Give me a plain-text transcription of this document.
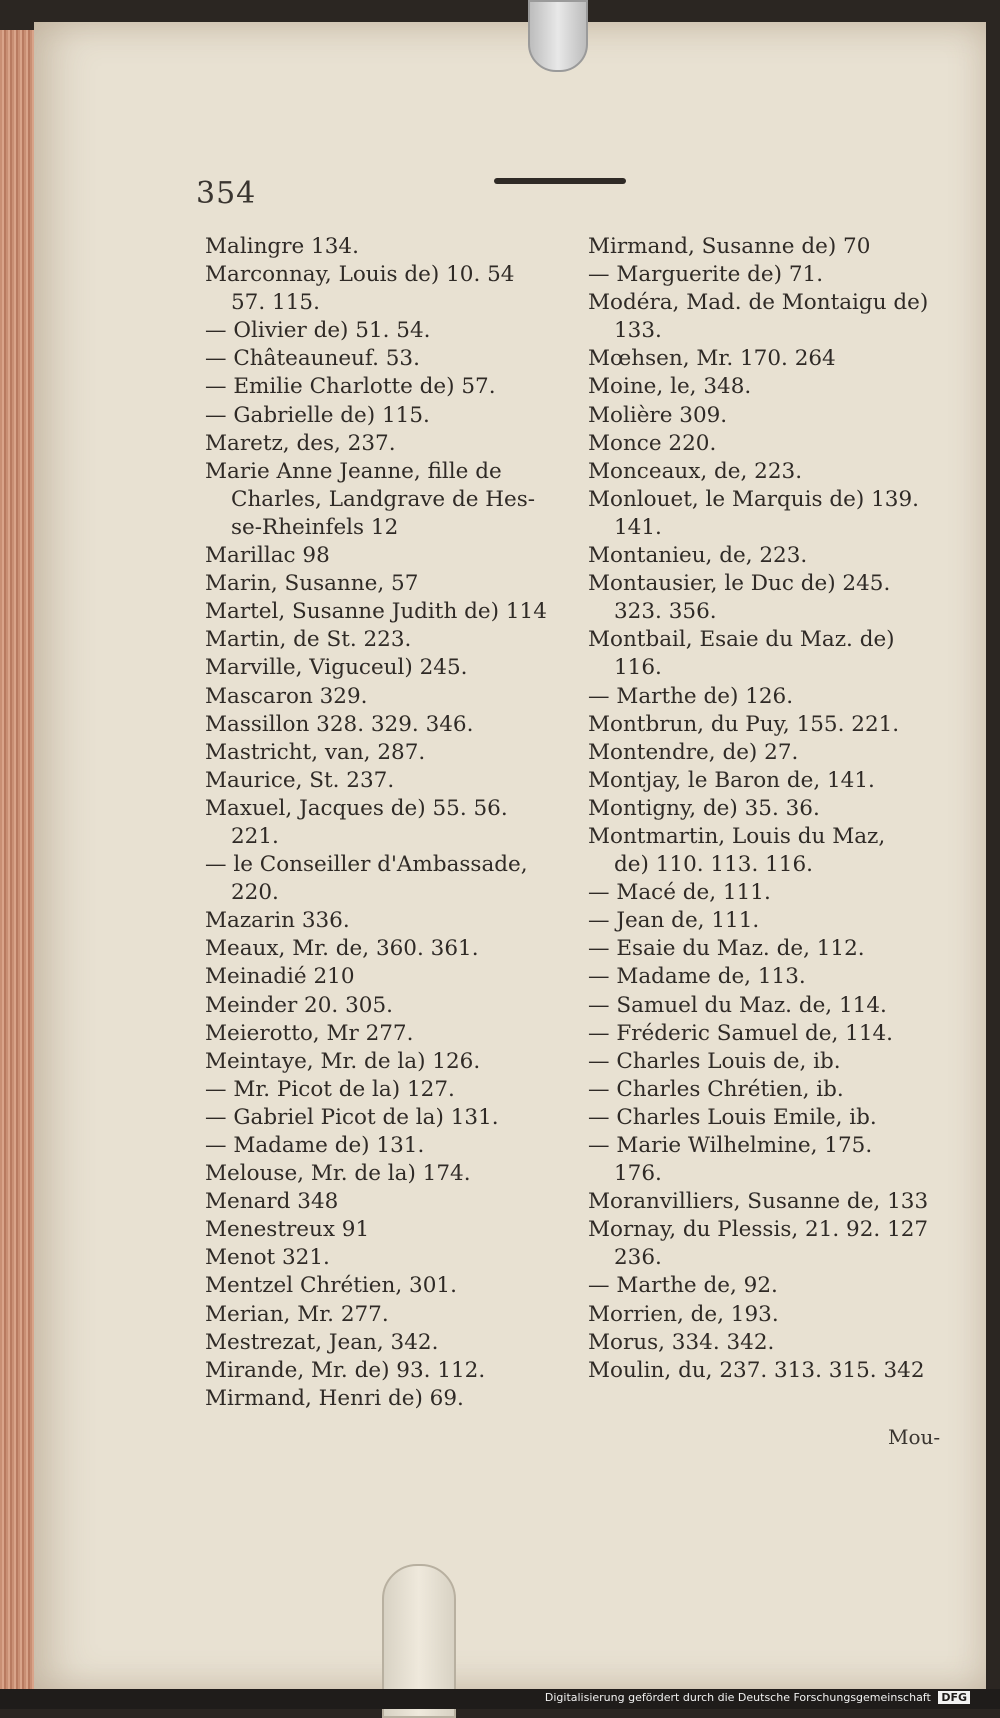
354

Malingre 134.

Marconnay, Louis de) 10. 54

57. 115.

— Olivier de) 51. 54.

— Châteauneuf. 53.

— Emilie Charlotte de) 57.

— Gabrielle de) 115.

Maretz, des, 237.

Marie Anne Jeanne, fille de

Charles, Landgrave de Hes-

se-Rheinfels 12

Marillac 98

Marin, Susanne, 57

Martel, Susanne Judith de) 114

Martin, de St. 223.

Marville, Viguceul) 245.

Mascaron 329.

Massillon 328. 329. 346.

Mastricht, van, 287.

Maurice, St. 237.

Maxuel, Jacques de) 55. 56.

221.

— le Conseiller d'Ambassade,

220.

Mazarin 336.

Meaux, Mr. de, 360. 361.

Meinadié 210

Meinder 20. 305.

Meierotto, Mr 277.

Meintaye, Mr. de la) 126.

— Mr. Picot de la) 127.

— Gabriel Picot de la) 131.

— Madame de) 131.

Melouse, Mr. de la) 174.

Menard 348

Menestreux 91

Menot 321.

Mentzel Chrétien, 301.

Merian, Mr. 277.

Mestrezat, Jean, 342.

Mirande, Mr. de) 93. 112.

Mirmand, Henri de) 69.

Mirmand, Susanne de) 70

— Marguerite de) 71.

Modéra, Mad. de Montaigu de)

133.

Mœhsen, Mr. 170. 264

Moine, le, 348.

Molière 309.

Monce 220.

Monceaux, de, 223.

Monlouet, le Marquis de) 139.

141.

Montanieu, de, 223.

Montausier, le Duc de) 245.

323. 356.

Montbail, Esaie du Maz. de)

116.

— Marthe de) 126.

Montbrun, du Puy, 155. 221.

Montendre, de) 27.

Montjay, le Baron de, 141.

Montigny, de) 35. 36.

Montmartin, Louis du Maz,

de) 110. 113. 116.

— Macé de, 111.

— Jean de, 111.

— Esaie du Maz. de, 112.

— Madame de, 113.

— Samuel du Maz. de, 114.

— Fréderic Samuel de, 114.

— Charles Louis de, ib.

— Charles Chrétien, ib.

— Charles Louis Emile, ib.

— Marie Wilhelmine, 175.

176.

Moranvilliers, Susanne de, 133

Mornay, du Plessis, 21. 92. 127

236.

— Marthe de, 92.

Morrien, de, 193.

Morus, 334. 342.

Moulin, du, 237. 313. 315. 342

Mou-
Digitalisierung gefördert durch die Deutsche Forschungsgemeinschaft DFG
